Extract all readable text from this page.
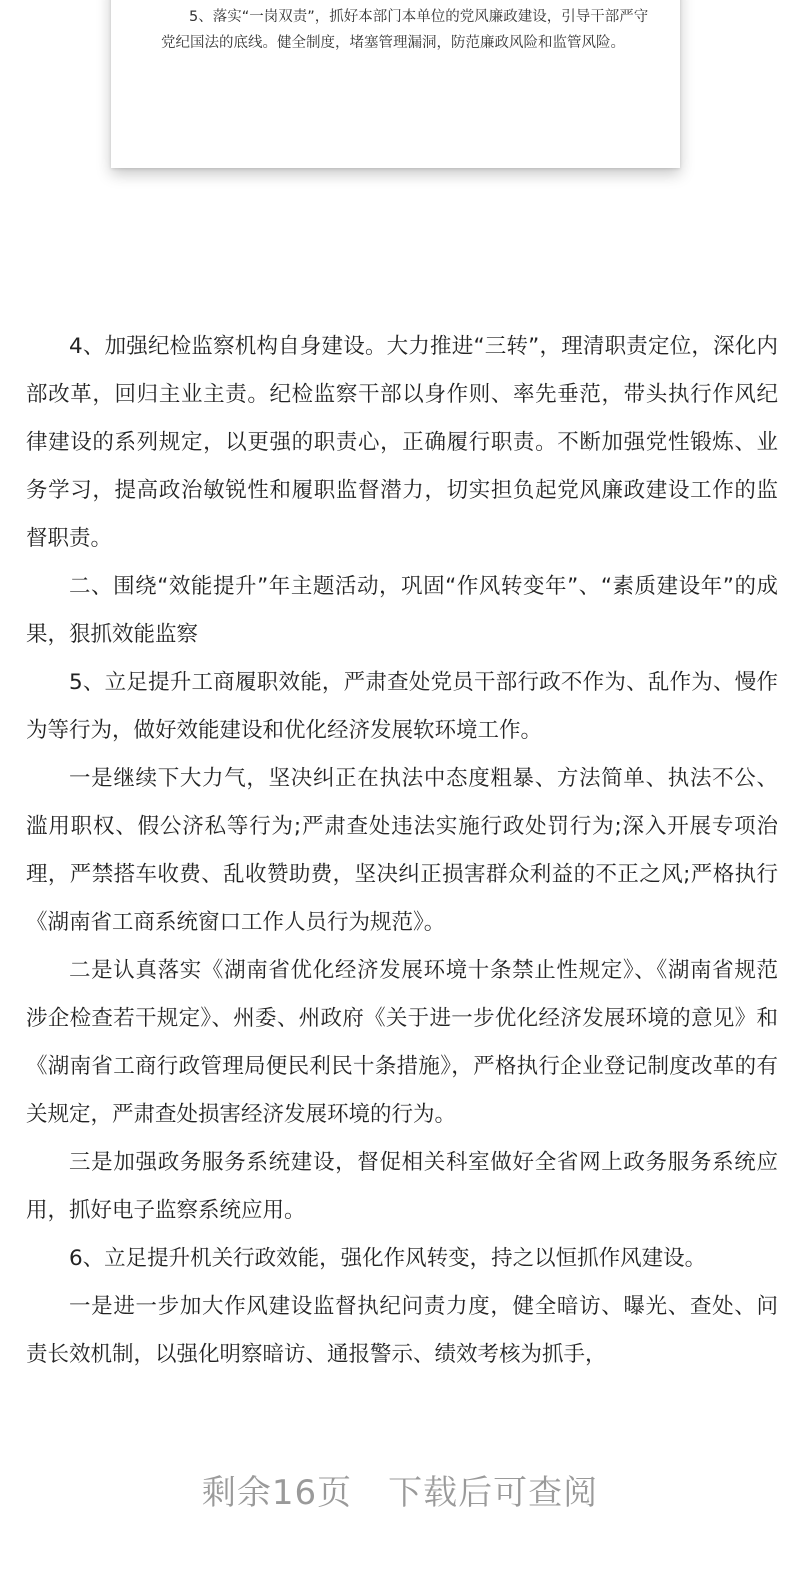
5、落实“一岗双责”，抓好本部门本单位的党风廉政建设，引导干部严守党纪国法的底线。健全制度，堵塞管理漏洞，防范廉政风险和监管风险。

4、加强纪检监察机构自身建设。大力推进“三转”，理清职责定位，深化内部改革，回归主业主责。纪检监察干部以身作则、率先垂范，带头执行作风纪律建设的系列规定，以更强的职责心，正确履行职责。不断加强党性锻炼、业务学习，提高政治敏锐性和履职监督潜力，切实担负起党风廉政建设工作的监督职责。

二、围绕“效能提升”年主题活动，巩固“作风转变年”、“素质建设年”的成果，狠抓效能监察

5、立足提升工商履职效能，严肃查处党员干部行政不作为、乱作为、慢作为等行为，做好效能建设和优化经济发展软环境工作。

一是继续下大力气，坚决纠正在执法中态度粗暴、方法简单、执法不公、滥用职权、假公济私等行为;严肃查处违法实施行政处罚行为;深入开展专项治理，严禁搭车收费、乱收赞助费，坚决纠正损害群众利益的不正之风;严格执行《湖南省工商系统窗口工作人员行为规范》。

二是认真落实《湖南省优化经济发展环境十条禁止性规定》、《湖南省规范涉企检查若干规定》、州委、州政府《关于进一步优化经济发展环境的意见》和《湖南省工商行政管理局便民利民十条措施》，严格执行企业登记制度改革的有关规定，严肃查处损害经济发展环境的行为。

三是加强政务服务系统建设，督促相关科室做好全省网上政务服务系统应用，抓好电子监察系统应用。

6、立足提升机关行政效能，强化作风转变，持之以恒抓作风建设。

一是进一步加大作风建设监督执纪问责力度，健全暗访、曝光、查处、问责长效机制，以强化明察暗访、通报警示、绩效考核为抓手，

剩余16页 下载后可查阅
